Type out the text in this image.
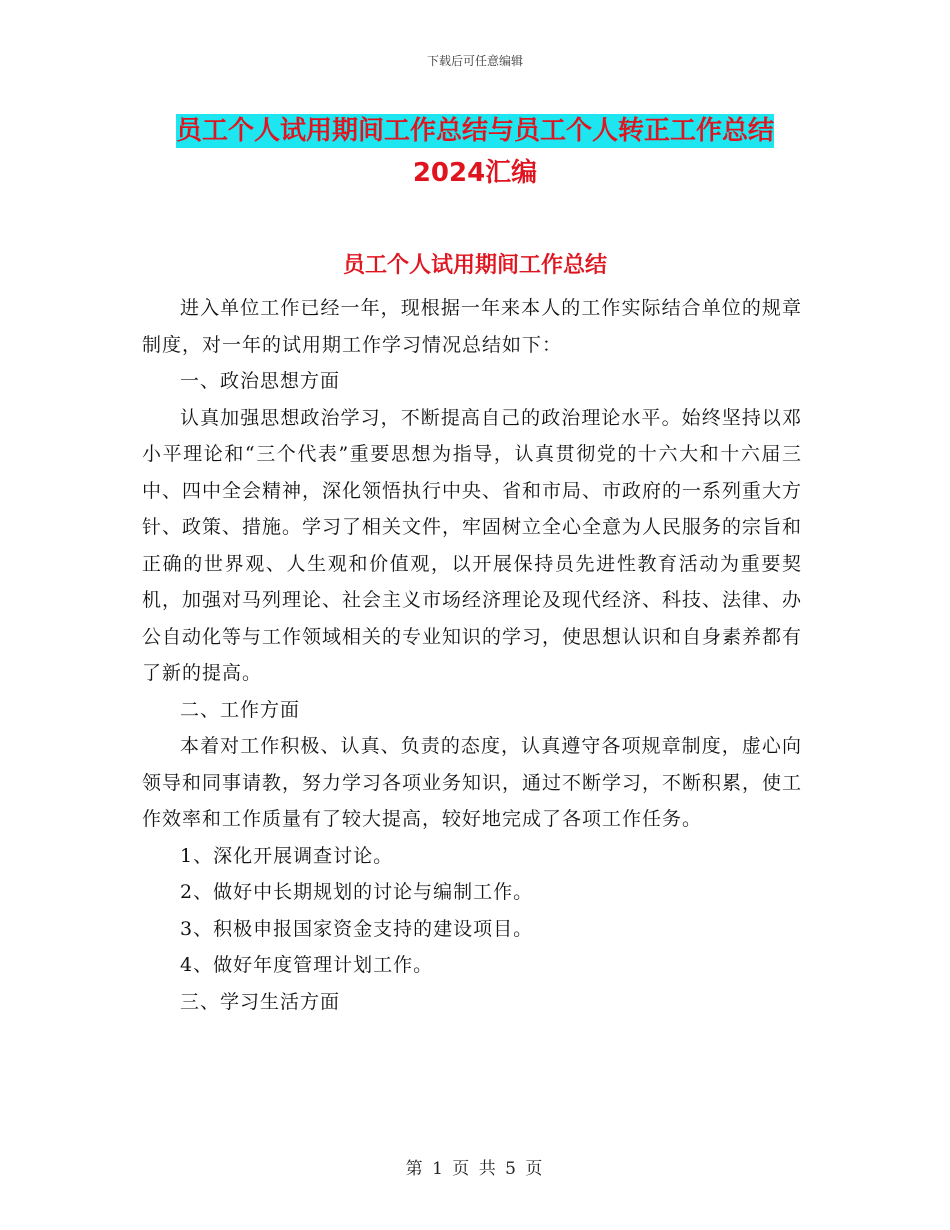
下载后可任意编辑
员工个人试用期间工作总结与员工个人转正工作总结
2024汇编
员工个人试用期间工作总结

进入单位工作已经一年，现根据一年来本人的工作实际结合单位的规章制度，对一年的试用期工作学习情况总结如下：

一、政治思想方面

认真加强思想政治学习，不断提高自己的政治理论水平。始终坚持以邓小平理论和“三个代表”重要思想为指导，认真贯彻党的十六大和十六届三中、四中全会精神，深化领悟执行中央、省和市局、市政府的一系列重大方针、政策、措施。学习了相关文件，牢固树立全心全意为人民服务的宗旨和正确的世界观、人生观和价值观，以开展保持员先进性教育活动为重要契机，加强对马列理论、社会主义市场经济理论及现代经济、科技、法律、办公自动化等与工作领域相关的专业知识的学习，使思想认识和自身素养都有了新的提高。

二、工作方面

本着对工作积极、认真、负责的态度，认真遵守各项规章制度，虚心向领导和同事请教，努力学习各项业务知识，通过不断学习，不断积累，使工作效率和工作质量有了较大提高，较好地完成了各项工作任务。

1、深化开展调查讨论。

2、做好中长期规划的讨论与编制工作。

3、积极申报国家资金支持的建设项目。

4、做好年度管理计划工作。

三、学习生活方面

第 1 页 共 5 页
